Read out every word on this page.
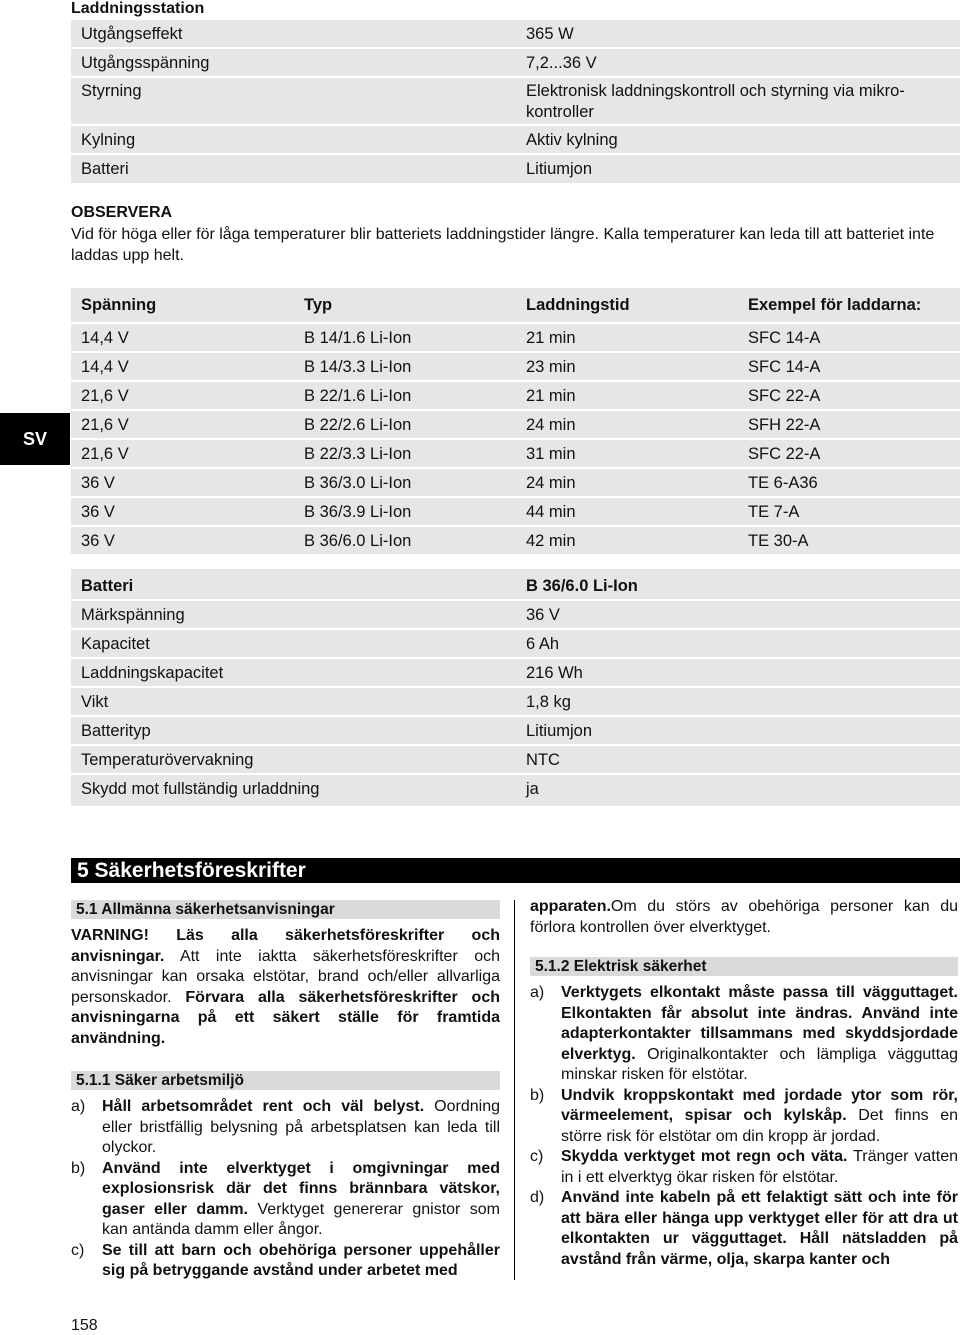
Laddningsstation
Utgångseffekt	365 W
Utgångsspänning	7,2...36 V
Styrning	Elektronisk laddningskontroll och styrning via mikro-kontroller
Kylning	Aktiv kylning
Batteri	Litiumjon
OBSERVERA
Vid för höga eller för låga temperaturer blir batteriets laddningstider längre. Kalla temperaturer kan leda till att batteriet inte laddas upp helt.
Spänning	Typ	Laddningstid	Exempel för laddarna:
14,4 V	B 14/1.6 Li-Ion	21 min	SFC 14-A
14,4 V	B 14/3.3 Li-Ion	23 min	SFC 14-A
21,6 V	B 22/1.6 Li-Ion	21 min	SFC 22-A
21,6 V	B 22/2.6 Li-Ion	24 min	SFH 22-A
21,6 V	B 22/3.3 Li-Ion	31 min	SFC 22-A
36 V	B 36/3.0 Li-Ion	24 min	TE 6-A36
36 V	B 36/3.9 Li-Ion	44 min	TE 7-A
36 V	B 36/6.0 Li-Ion	42 min	TE 30-A
SV
Batteri	B 36/6.0 Li-Ion
Märkspänning	36 V
Kapacitet	6 Ah
Laddningskapacitet	216 Wh
Vikt	1,8 kg
Batterityp	Litiumjon
Temperaturövervakning	NTC
Skydd mot fullständig urladdning	ja
5 Säkerhetsföreskrifter
5.1 Allmänna säkerhetsanvisningar

VARNING! Läs alla säkerhetsföreskrifter och anvisningar. Att inte iaktta säkerhetsföreskrifter och anvisningar kan orsaka elstötar, brand och/eller allvarliga personskador. Förvara alla säkerhetsföreskrifter och anvisningarna på ett säkert ställe för framtida användning.

5.1.1 Säker arbetsmiljö
a) Håll arbetsområdet rent och väl belyst. Oordning eller bristfällig belysning på arbetsplatsen kan leda till olyckor.
b) Använd inte elverktyget i omgivningar med explosionsrisk där det finns brännbara vätskor, gaser eller damm. Verktyget genererar gnistor som kan antända damm eller ångor.
c) Se till att barn och obehöriga personer uppehåller sig på betryggande avstånd under arbetet med

apparaten.Om du störs av obehöriga personer kan du förlora kontrollen över elverktyget.

5.1.2 Elektrisk säkerhet
a) Verktygets elkontakt måste passa till vägguttaget. Elkontakten får absolut inte ändras. Använd inte adapterkontakter tillsammans med skyddsjordade elverktyg. Originalkontakter och lämpliga vägguttag minskar risken för elstötar.
b) Undvik kroppskontakt med jordade ytor som rör, värmeelement, spisar och kylskåp. Det finns en större risk för elstötar om din kropp är jordad.
c) Skydda verktyget mot regn och väta. Tränger vatten in i ett elverktyg ökar risken för elstötar.
d) Använd inte kabeln på ett felaktigt sätt och inte för att bära eller hänga upp verktyget eller för att dra ut elkontakten ur vägguttaget. Håll nätsladden på avstånd från värme, olja, skarpa kanter och
158
